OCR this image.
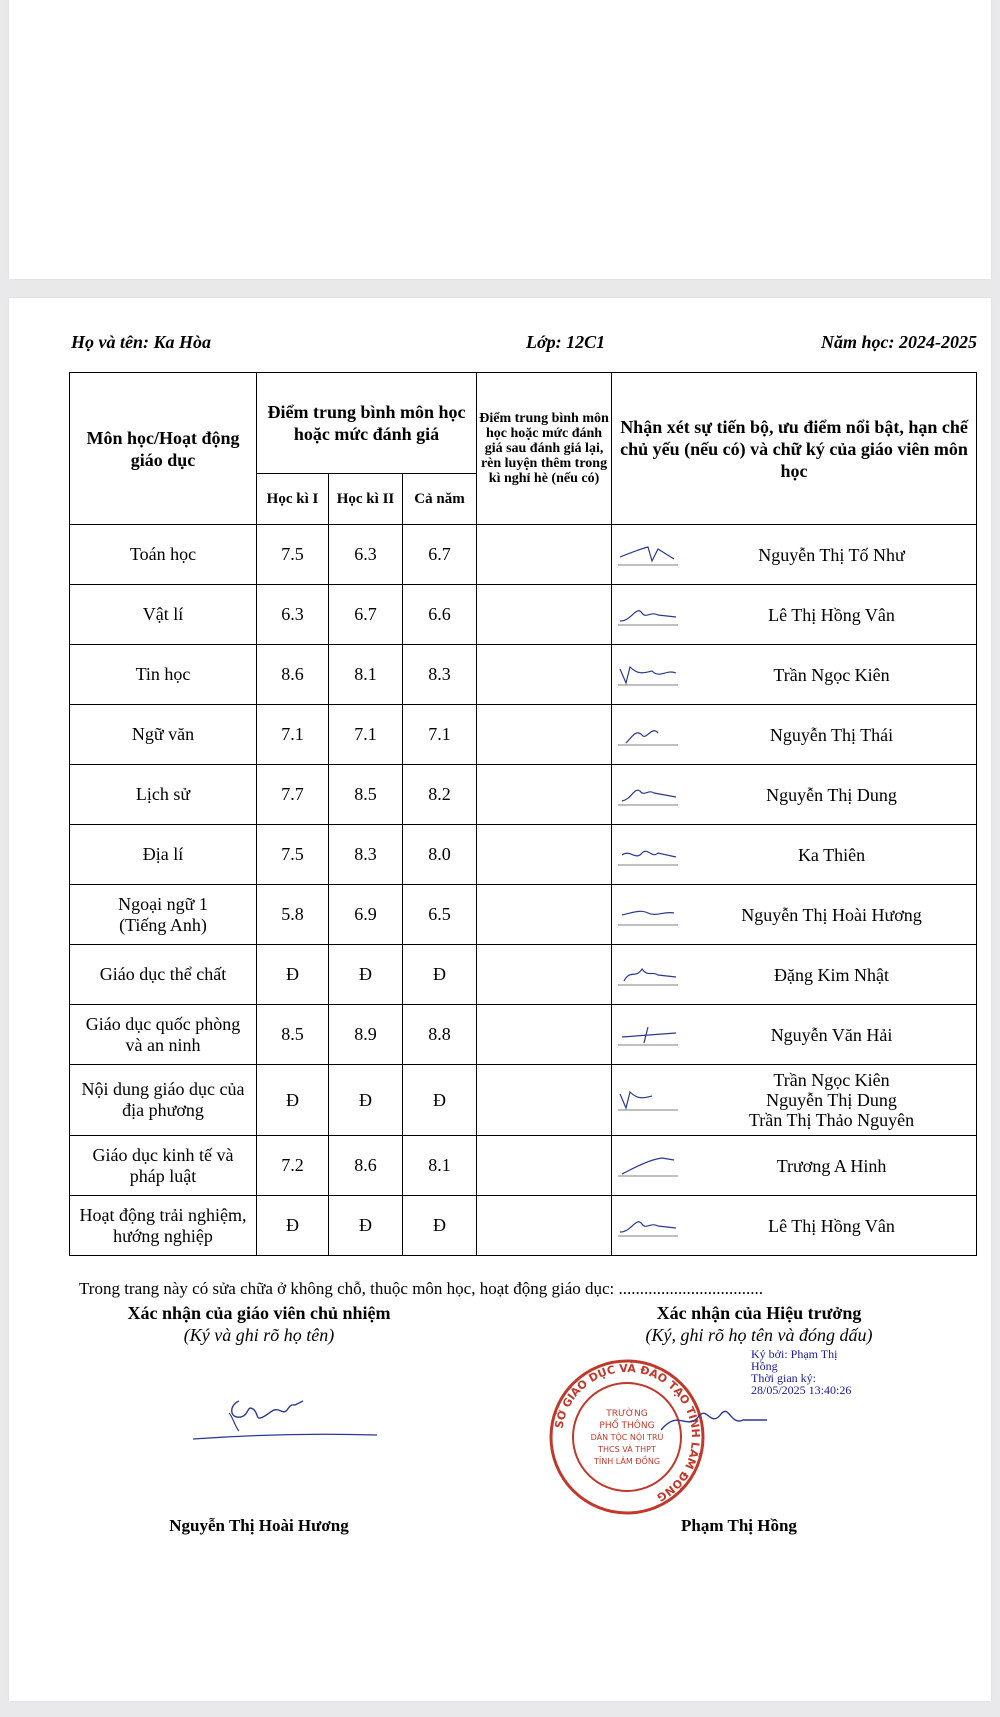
Họ và tên: Ka Hòa	Lớp: 12C1	Năm học: 2024-2025
Môn học/Hoạt động giáo dục	Điểm trung bình môn học hoặc mức đánh giá			Điểm trung bình môn học hoặc mức đánh giá sau đánh giá lại, rèn luyện thêm trong kì nghỉ hè (nếu có)	Nhận xét sự tiến bộ, ưu điểm nổi bật, hạn chế chủ yếu (nếu có) và chữ ký của giáo viên môn học
	Học kì I	Học kì II	Cả năm		
Toán học	7.5	6.3	6.7		Nguyễn Thị Tố Như

Vật lí	6.3	6.7	6.6		Lê Thị Hồng Vân

Tin học	8.6	8.1	8.3		Trần Ngọc Kiên

Ngữ văn	7.1	7.1	7.1		Nguyễn Thị Thái

Lịch sử	7.7	8.5	8.2		Nguyễn Thị Dung

Địa lí	7.5	8.3	8.0		Ka Thiên

Ngoại ngữ 1
(Tiếng Anh)	5.8	6.9	6.5		Nguyễn Thị Hoài Hương

Giáo dục thể chất	Đ	Đ	Đ		Đặng Kim Nhật

Giáo dục quốc phòng
và an ninh	8.5	8.9	8.8		Nguyễn Văn Hải

Nội dung giáo dục của
địa phương	Đ	Đ	Đ		Trần Ngọc Kiên
Nguyễn Thị Dung
Trần Thị Thảo Nguyên

Giáo dục kinh tế và
pháp luật	7.2	8.6	8.1		Trương A Hinh

Hoạt động trải nghiệm,
hướng nghiệp	Đ	Đ	Đ		Lê Thị Hồng Vân
Trong trang này có sửa chữa ở không chỗ, thuộc môn học, hoạt động giáo dục: ..................................
Xác nhận của giáo viên chủ nhiệm
(Ký và ghi rõ họ tên)
Xác nhận của Hiệu trưởng
(Ký, ghi rõ họ tên và đóng dấu)
Ký bởi: Phạm Thị Hồng
Thời gian ký: 28/05/2025 13:40:26
SỞ GIÁO DỤC VÀ ĐÀO TẠO TỈNH LÂM ĐỒNG
TRƯỜNG
PHỔ THÔNG
DÂN TỘC NỘI TRÚ
THCS VÀ THPT
TỈNH LÂM ĐỒNG
Nguyễn Thị Hoài Hương	Phạm Thị Hồng
